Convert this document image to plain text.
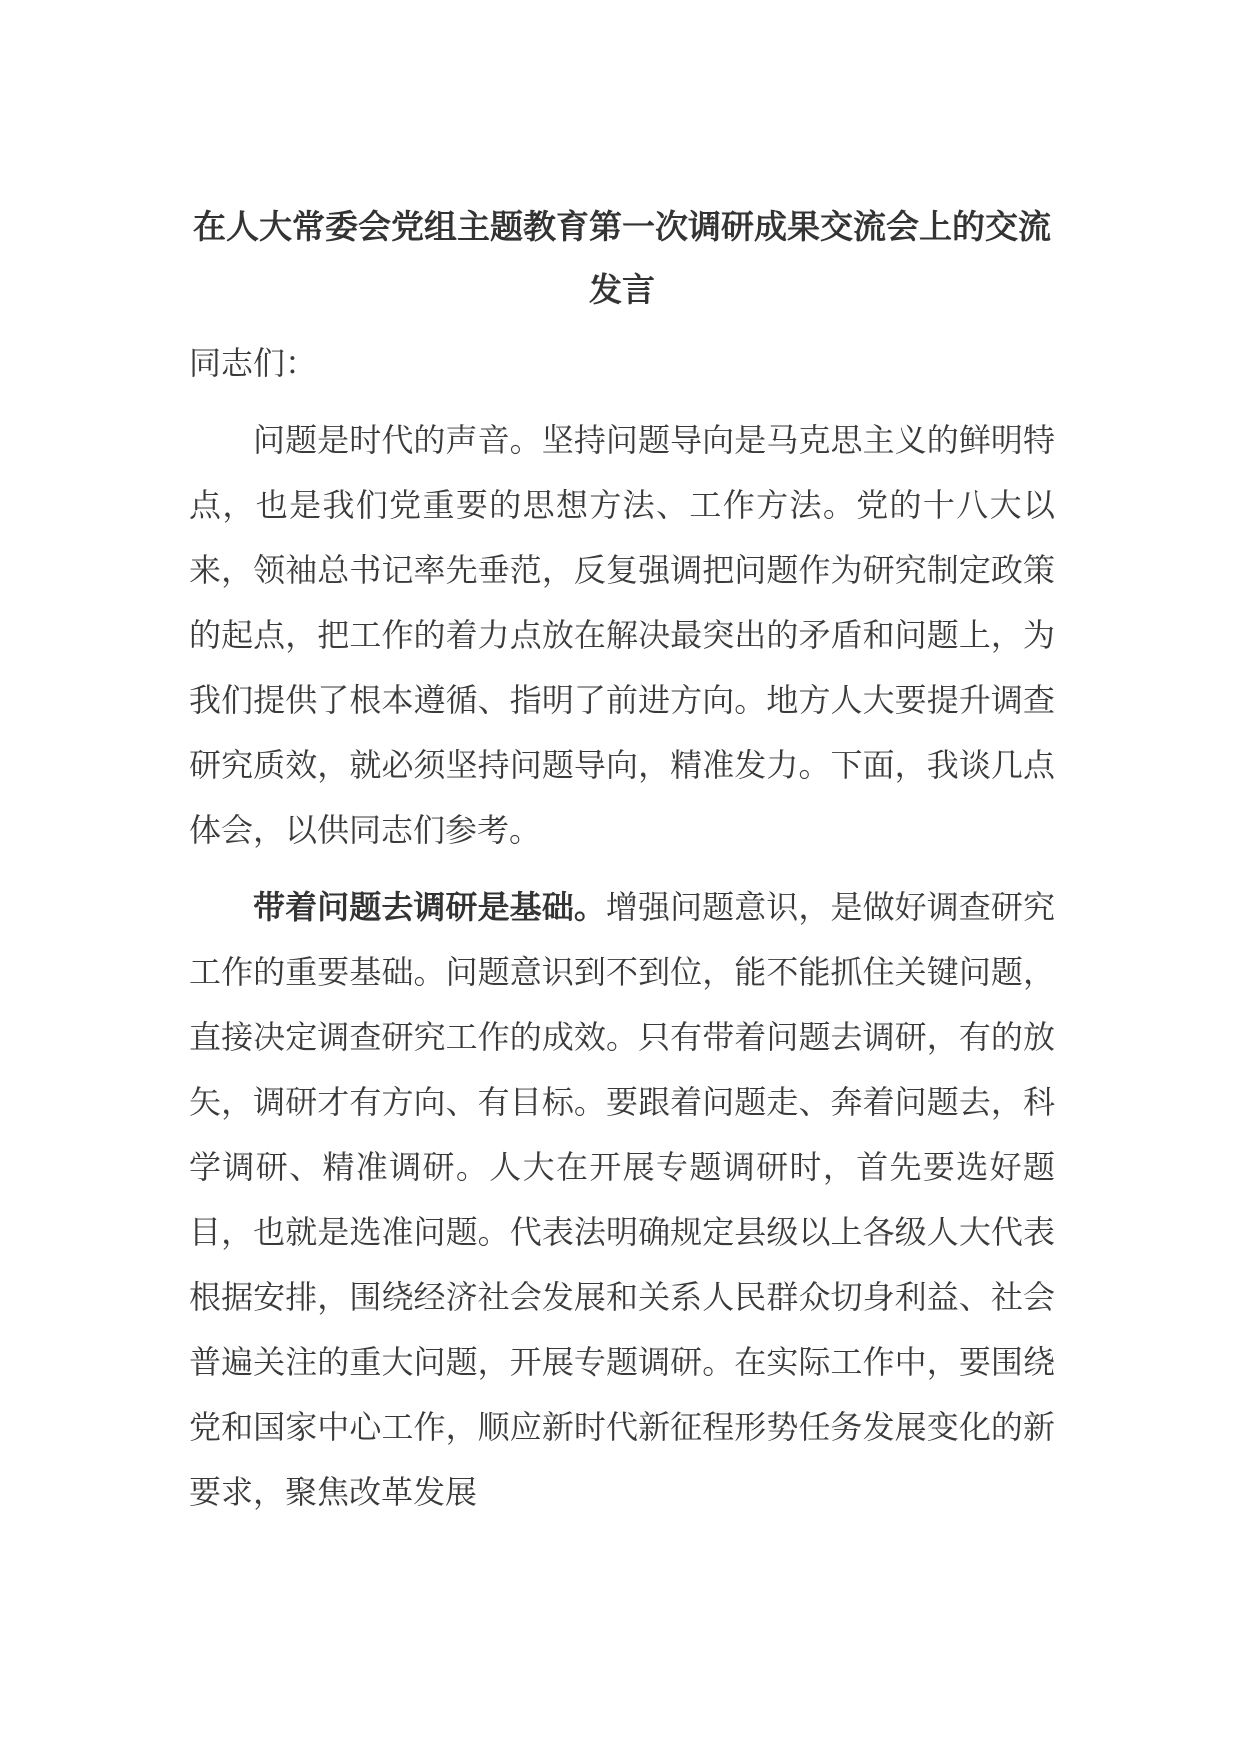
在人大常委会党组主题教育第一次调研成果交流会上的交流发言

同志们：

问题是时代的声音。坚持问题导向是马克思主义的鲜明特点，也是我们党重要的思想方法、工作方法。党的十八大以来，领袖总书记率先垂范，反复强调把问题作为研究制定政策的起点，把工作的着力点放在解决最突出的矛盾和问题上，为我们提供了根本遵循、指明了前进方向。地方人大要提升调查研究质效，就必须坚持问题导向，精准发力。下面，我谈几点体会，以供同志们参考。

带着问题去调研是基础。增强问题意识，是做好调查研究工作的重要基础。问题意识到不到位，能不能抓住关键问题，直接决定调查研究工作的成效。只有带着问题去调研，有的放矢，调研才有方向、有目标。要跟着问题走、奔着问题去，科学调研、精准调研。人大在开展专题调研时，首先要选好题目，也就是选准问题。代表法明确规定县级以上各级人大代表根据安排，围绕经济社会发展和关系人民群众切身利益、社会普遍关注的重大问题，开展专题调研。在实际工作中，要围绕党和国家中心工作，顺应新时代新征程形势任务发展变化的新要求，聚焦改革发展
